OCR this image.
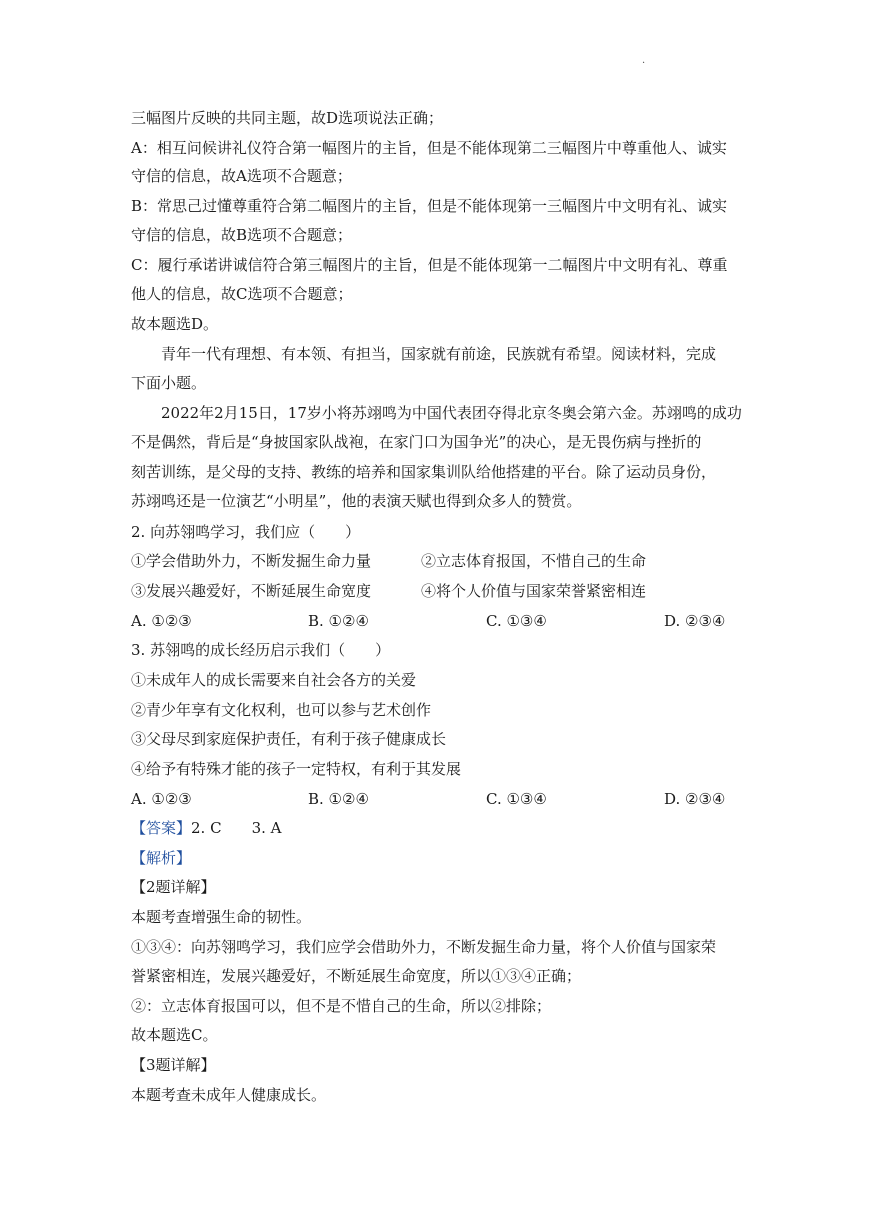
·
三幅图片反映的共同主题，故D选项说法正确；
A：相互问候讲礼仪符合第一幅图片的主旨，但是不能体现第二三幅图片中尊重他人、诚实
守信的信息，故A选项不合题意；
B：常思己过懂尊重符合第二幅图片的主旨，但是不能体现第一三幅图片中文明有礼、诚实
守信的信息，故B选项不合题意；
C：履行承诺讲诚信符合第三幅图片的主旨，但是不能体现第一二幅图片中文明有礼、尊重
他人的信息，故C选项不合题意；
故本题选D。
青年一代有理想、有本领、有担当，国家就有前途，民族就有希望。阅读材料，完成
下面小题。
2022年2月15日，17岁小将苏翊鸣为中国代表团夺得北京冬奥会第六金。苏翊鸣的成功
不是偶然，背后是“身披国家队战袍，在家门口为国争光”的决心，是无畏伤病与挫折的
刻苦训练，是父母的支持、教练的培养和国家集训队给他搭建的平台。除了运动员身份，
苏翊鸣还是一位演艺“小明星”，他的表演天赋也得到众多人的赞赏。
2. 向苏翎鸣学习，我们应（　　）
①学会借助外力，不断发掘生命力量	②立志体育报国，不惜自己的生命
③发展兴趣爱好，不断延展生命宽度	④将个人价值与国家荣誉紧密相连
A. ①②③	B. ①②④	C. ①③④	D. ②③④
3. 苏翎鸣的成长经历启示我们（　　）
①未成年人的成长需要来自社会各方的关爱
②青少年享有文化权利，也可以参与艺术创作
③父母尽到家庭保护责任，有利于孩子健康成长
④给予有特殊才能的孩子一定特权，有利于其发展
A. ①②③	B. ①②④	C. ①③④	D. ②③④
【答案】2. C　　3. A
【解析】
【2题详解】
本题考查增强生命的韧性。
①③④：向苏翎鸣学习，我们应学会借助外力，不断发掘生命力量，将个人价值与国家荣
誉紧密相连，发展兴趣爱好，不断延展生命宽度，所以①③④正确；
②：立志体育报国可以，但不是不惜自己的生命，所以②排除；
故本题选C。
【3题详解】
本题考查未成年人健康成长。
